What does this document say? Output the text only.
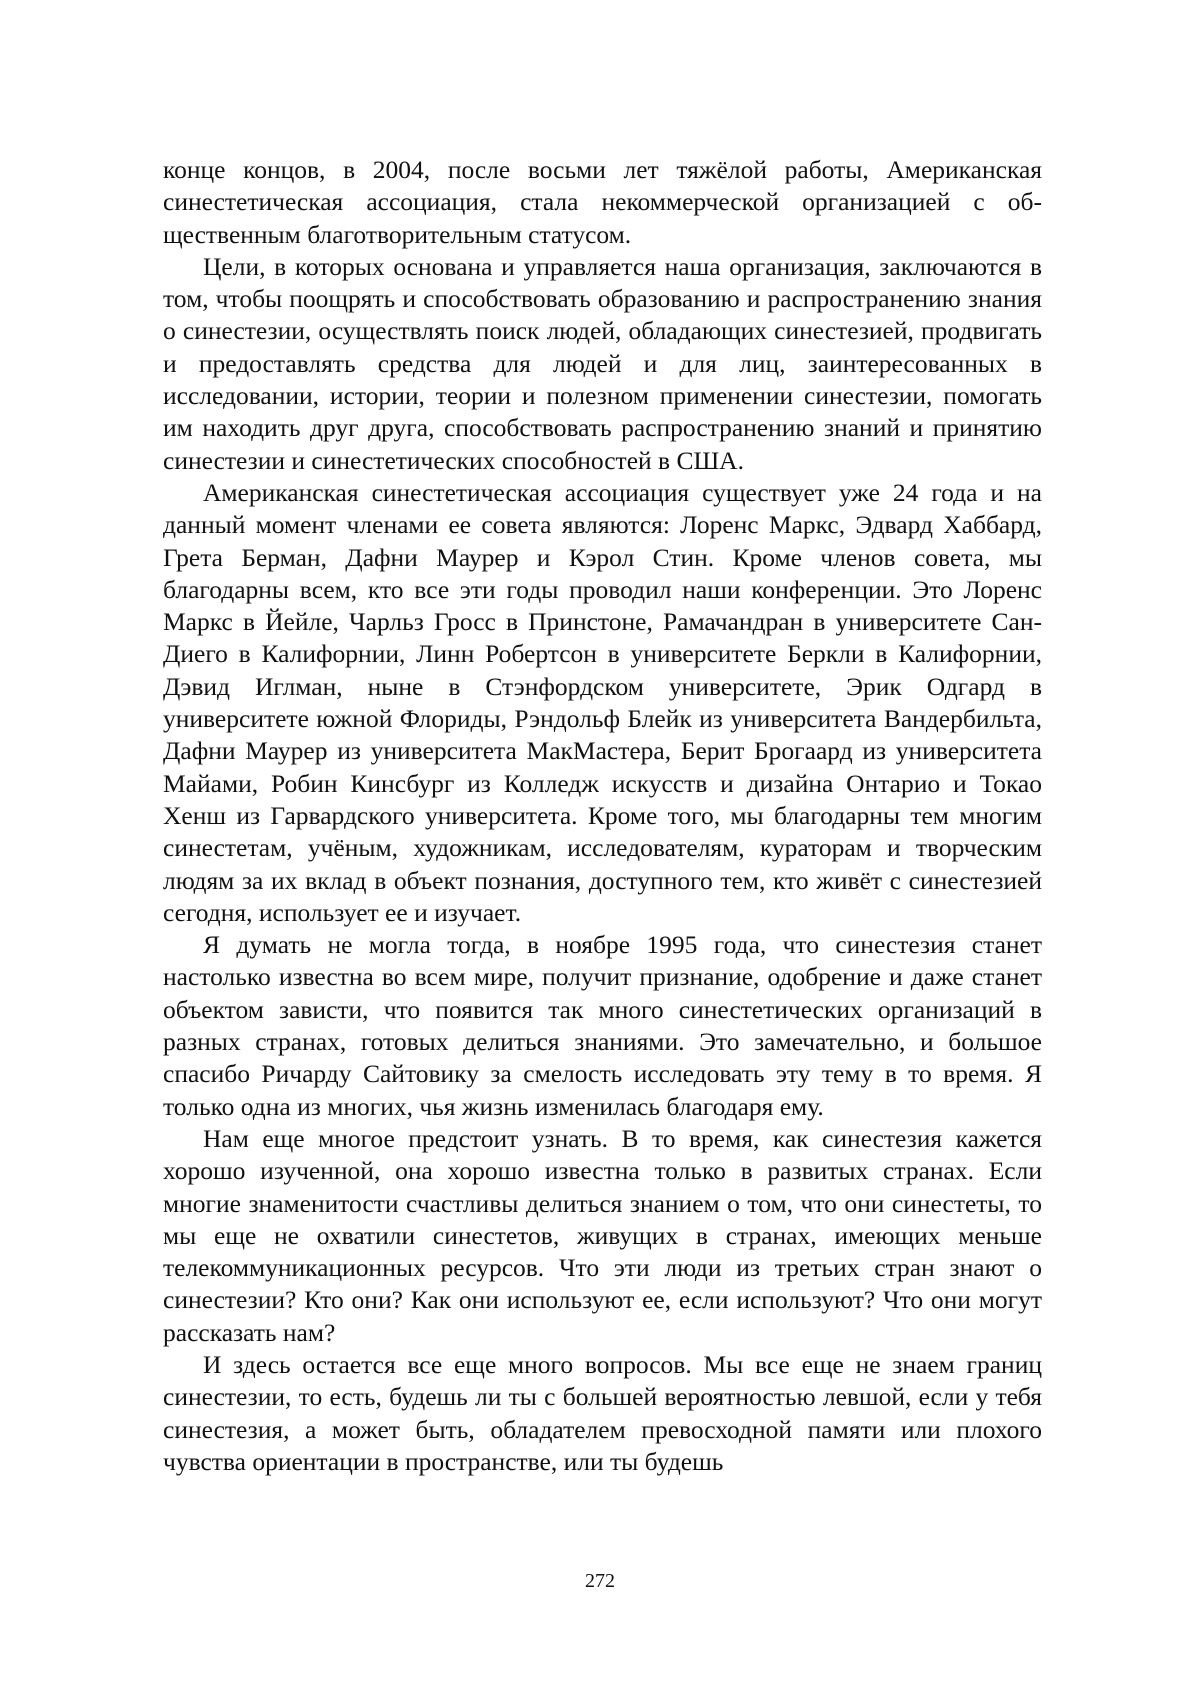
концe концов, в 2004, после восьми лет тяжёлой работы, Американская синестетическая ассоциация, стала некоммерческой организацией с общественным благотворительным статусом.

Цели, в которых основана и управляется наша организация, заключаются в том, чтобы поощрять и способствовать образованию и распространению знания о синестезии, осуществлять поиск людей, обладающих синестезией, продвигать и предоставлять средства для людей и для лиц, заинтересованных в исследовании, истории, теории и полезном применении синестезии, помогать им находить друг друга, способствовать распространению знаний и принятию синестезии и синестетических способностей в США.

Американская синестетическая ассоциация существует уже 24 года и на данный момент членами ее совета являются: Лоренс Маркс, Эдвард Хаббард, Грета Берман, Дафни Маурер и Кэрол Стин. Кроме членов совета, мы благодарны всем, кто все эти годы проводил наши конференции. Это Лоренс Маркс в Йейле, Чарльз Гросс в Принстоне, Рамачандран в университете Сан-Диего в Калифорнии, Линн Робертсон в университете Беркли в Калифорнии, Дэвид Иглман, ныне в Стэнфордском университете, Эрик Одгард в университете южной Флориды, Рэндольф Блейк из университета Вандербильта, Дафни Маурер из университета МакМастера, Берит Брогаард из университета Майами, Робин Кинсбург из Колледж искусств и дизайна Онтарио и Токао Хенш из Гарвардского университета. Кроме того, мы благодарны тем многим синестетам, учёным, художникам, исследователям, кураторам и творческим людям за их вклад в объект познания, доступного тем, кто живёт с синестезией сегодня, использует ее и изучает.

Я думать не могла тогда, в ноябре 1995 года, что синестезия станет настолько известна во всем мире, получит признание, одобрение и даже станет объектом зависти, что появится так много синестетических организаций в разных странах, готовых делиться знаниями. Это замечательно, и большое спасибо Ричарду Сайтовику за смелость исследовать эту тему в то время. Я только одна из многих, чья жизнь изменилась благодаря ему.

Нам еще многое предстоит узнать. В то время, как синестезия кажется хорошо изученной, она хорошо известна только в развитых странах. Если многие знаменитости счастливы делиться знанием о том, что они синестеты, то мы еще не охватили синестетов, живущих в странах, имеющих меньше телекоммуникационных ресурсов. Что эти люди из третьих стран знают о синестезии? Кто они? Как они используют ее, если используют? Что они могут рассказать нам?

И здесь остается все еще много вопросов. Мы все еще не знаем границ синестезии, то есть, будешь ли ты с большей вероятностью левшой, если у тебя синестезия, а может быть, обладателем превосходной памяти или плохого чувства ориентации в пространстве, или ты будешь

272
